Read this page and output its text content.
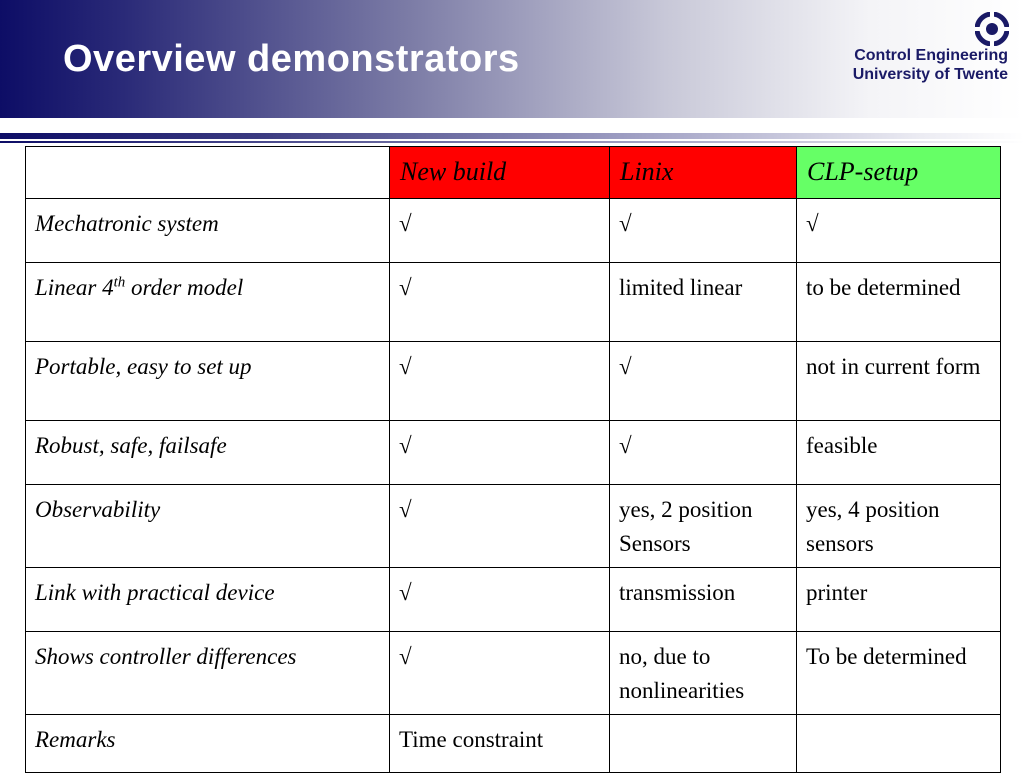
Overview demonstrators	Control Engineering
University of Twente
	New build	Linix	CLP-setup
Mechatronic system	√	√	√
Linear 4th order model	√	limited linear	to be determined
Portable, easy to set up	√	√	not in current form
Robust, safe, failsafe	√	√	feasible
Observability	√	yes, 2 position Sensors	yes, 4 position sensors
Link with practical device	√	transmission	printer
Shows controller differences	√	no, due to nonlinearities	To be determined
Remarks	Time constraint		
